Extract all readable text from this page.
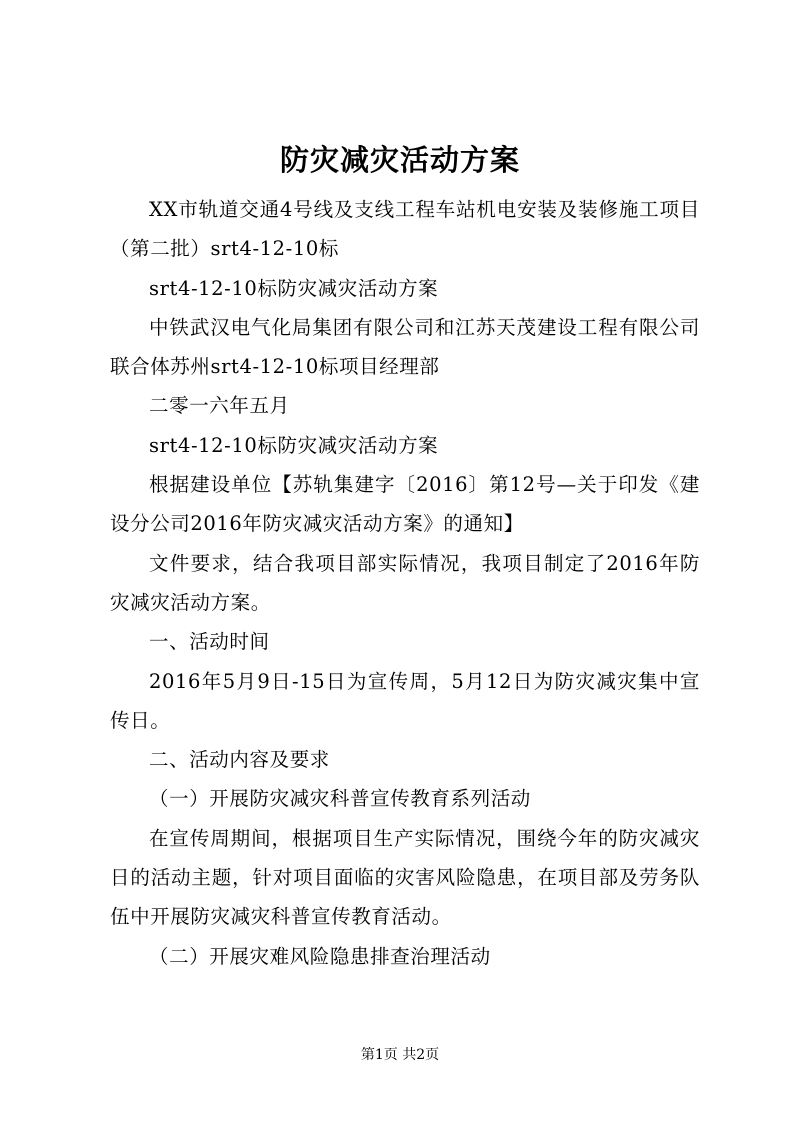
防灾减灾活动方案

XX市轨道交通4号线及支线工程车站机电安装及装修施工项目（第二批）srt4-12-10标

srt4-12-10标防灾减灾活动方案

中铁武汉电气化局集团有限公司和江苏天茂建设工程有限公司联合体苏州srt4-12-10标项目经理部

二零一六年五月

srt4-12-10标防灾减灾活动方案

根据建设单位【苏轨集建字〔2016〕第12号—关于印发《建设分公司2016年防灾减灾活动方案》的通知】

文件要求，结合我项目部实际情况，我项目制定了2016年防灾减灾活动方案。

一、活动时间

2016年5月9日-15日为宣传周，5月12日为防灾减灾集中宣传日。

二、活动内容及要求

（一）开展防灾减灾科普宣传教育系列活动

在宣传周期间，根据项目生产实际情况，围绕今年的防灾减灾日的活动主题，针对项目面临的灾害风险隐患，在项目部及劳务队伍中开展防灾减灾科普宣传教育活动。

（二）开展灾难风险隐患排查治理活动

第1页 共2页
